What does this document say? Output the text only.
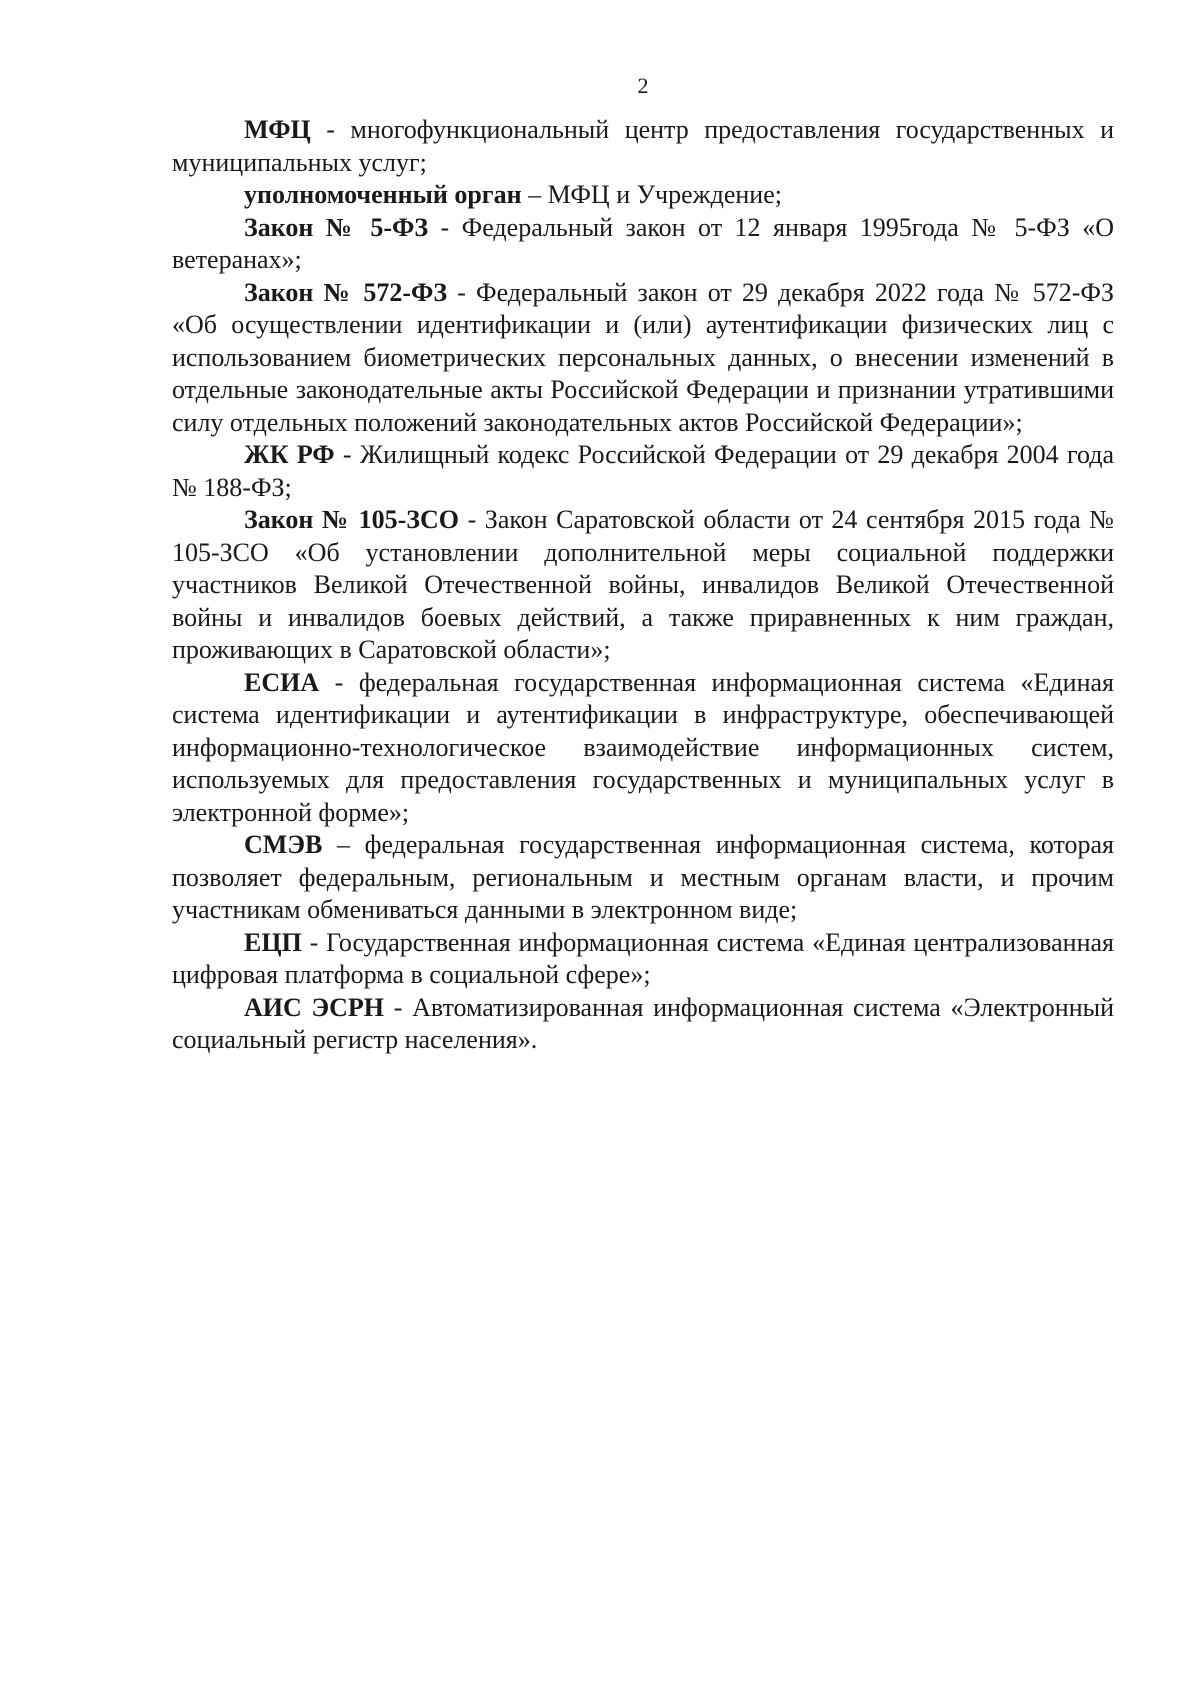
2

МФЦ - многофункциональный центр предоставления государственных и муниципальных услуг;

уполномоченный орган – МФЦ и Учреждение;

Закон № 5-ФЗ - Федеральный закон от 12 января 1995года № 5-ФЗ «О ветеранах»;

Закон № 572-ФЗ - Федеральный закон от 29 декабря 2022 года № 572-ФЗ «Об осуществлении идентификации и (или) аутентификации физических лиц с использованием биометрических персональных данных, о внесении изменений в отдельные законодательные акты Российской Федерации и признании утратившими силу отдельных положений законодательных актов Российской Федерации»;

ЖК РФ - Жилищный кодекс Российской Федерации от 29 декабря 2004 года № 188-ФЗ;

Закон № 105-ЗСО - Закон Саратовской области от 24 сентября 2015 года № 105-ЗСО «Об установлении дополнительной меры социальной поддержки участников Великой Отечественной войны, инвалидов Великой Отечественной войны и инвалидов боевых действий, а также приравненных к ним граждан, проживающих в Саратовской области»;

ЕСИА - федеральная государственная информационная система «Единая система идентификации и аутентификации в инфраструктуре, обеспечивающей информационно-технологическое взаимодействие информационных систем, используемых для предоставления государственных и муниципальных услуг в электронной форме»;

СМЭВ – федеральная государственная информационная система, которая позволяет федеральным, региональным и местным органам власти, и прочим участникам обмениваться данными в электронном виде;

ЕЦП - Государственная информационная система «Единая централизованная цифровая платформа в социальной сфере»;

АИС ЭСРН - Автоматизированная информационная система «Электронный социальный регистр населения».
